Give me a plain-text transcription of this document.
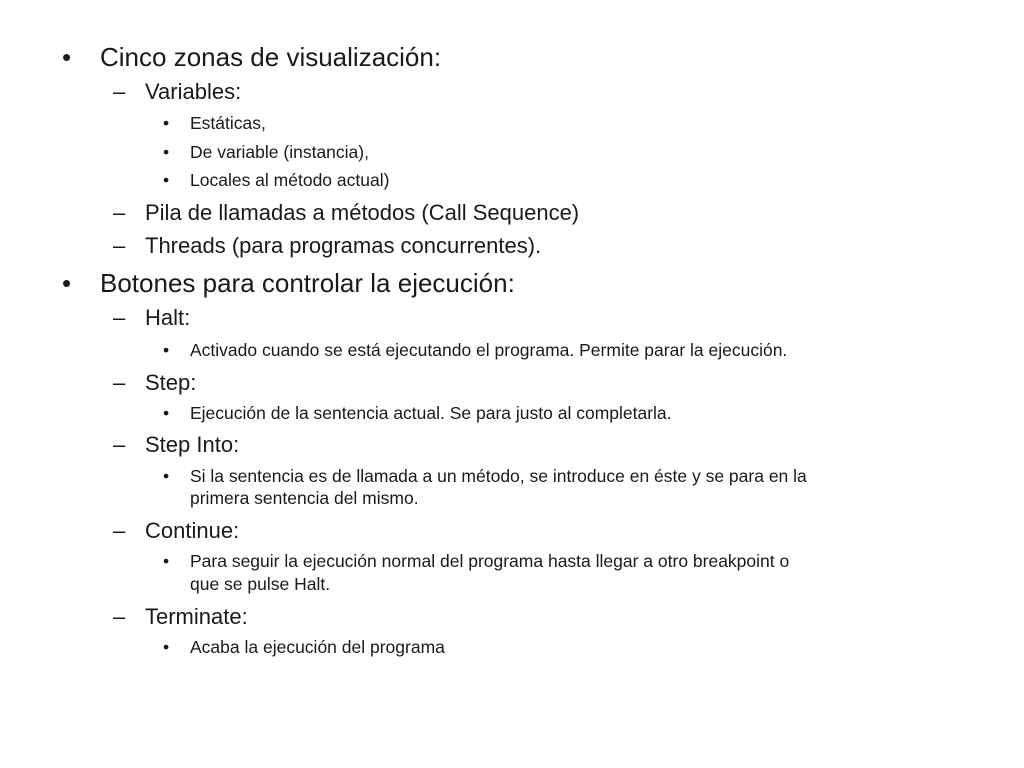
• Cinco zonas de visualización:
– Variables:
• Estáticas,
• De variable (instancia),
• Locales al método actual)
– Pila de llamadas a métodos (Call Sequence)
– Threads (para programas concurrentes).
• Botones para controlar la ejecución:
– Halt:
• Activado cuando se está ejecutando el programa. Permite parar la ejecución.
– Step:
• Ejecución de la sentencia actual. Se para justo al completarla.
– Step Into:
• Si la sentencia es de llamada a un método, se introduce en éste y se para en la
primera sentencia del mismo.
– Continue:
• Para seguir la ejecución normal del programa hasta llegar a otro breakpoint o
que se pulse Halt.
– Terminate:
• Acaba la ejecución del programa
